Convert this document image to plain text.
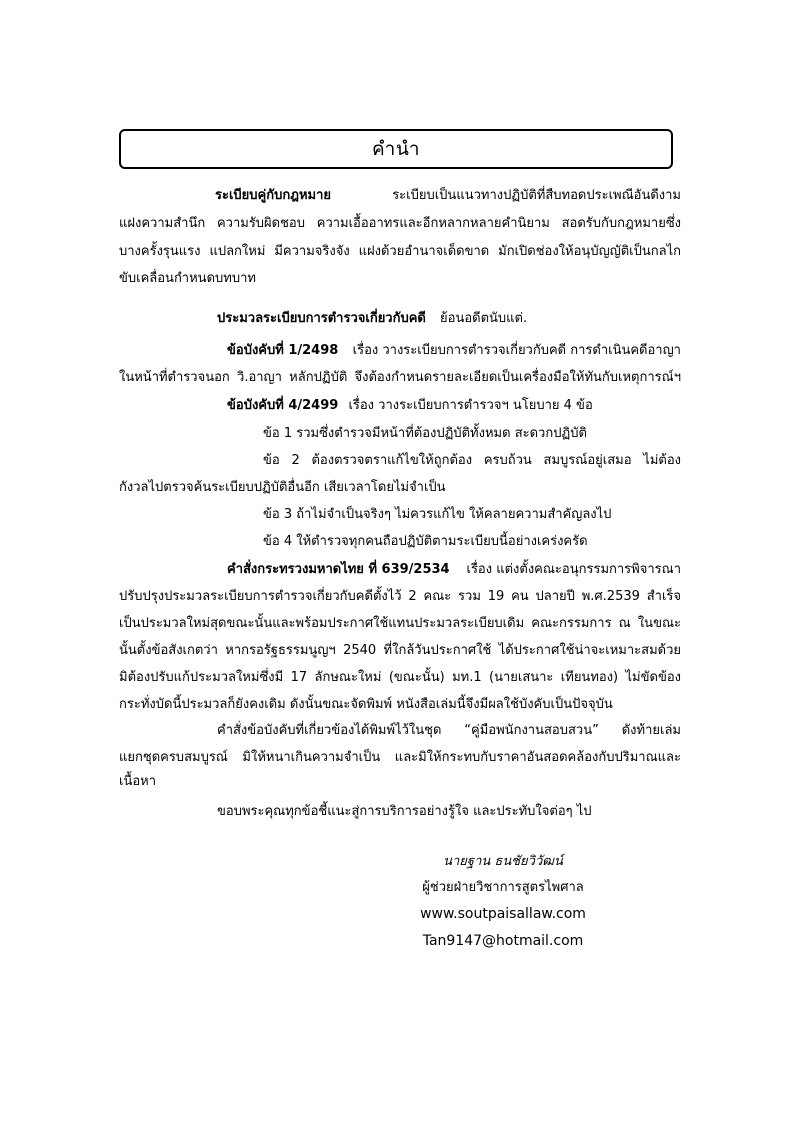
คำนำ
ระเบียบคู่กับกฎหมาย	ระเบียบเป็นแนวทางปฏิบัติที่สืบทอดประเพณีอันดีงาม
แฝงความสำนึก ความรับผิดชอบ ความเอื้ออาทรและอีกหลากหลายคำนิยาม สอดรับกับกฎหมายซึ่ง
บางครั้งรุนแรง แปลกใหม่ มีความจริงจัง แฝงด้วยอำนาจเด็ดขาด มักเปิดช่องให้อนุบัญญัติเป็นกลไก
ขับเคลื่อนกำหนดบทบาท
ประมวลระเบียบการตำรวจเกี่ยวกับคดี ย้อนอดีตนับแต่.
ข้อบังคับที่ 1/2498 เรื่อง วางระเบียบการตำรวจเกี่ยวกับคดี การดำเนินคดีอาญา
ในหน้าที่ตำรวจนอก วิ.อาญา หลักปฏิบัติ จึงต้องกำหนดรายละเอียดเป็นเครื่องมือให้ทันกับเหตุการณ์ฯ
ข้อบังคับที่ 4/2499 เรื่อง วางระเบียบการตำรวจฯ นโยบาย 4 ข้อ
ข้อ 1 รวมซึ่งตำรวจมีหน้าที่ต้องปฏิบัติทั้งหมด สะดวกปฏิบัติ
ข้อ 2 ต้องตรวจตราแก้ไขให้ถูกต้อง ครบถ้วน สมบูรณ์อยู่เสมอ ไม่ต้อง
กังวลไปตรวจค้นระเบียบปฏิบัติอื่นอีก เสียเวลาโดยไม่จำเป็น
ข้อ 3 ถ้าไม่จำเป็นจริงๆ ไม่ควรแก้ไข ให้คลายความสำคัญลงไป
ข้อ 4 ให้ตำรวจทุกคนถือปฏิบัติตามระเบียบนี้อย่างเคร่งครัด
คำสั่งกระทรวงมหาดไทย ที่ 639/2534 เรื่อง แต่งตั้งคณะอนุกรรมการพิจารณา
ปรับปรุงประมวลระเบียบการตำรวจเกี่ยวกับคดีตั้งไว้ 2 คณะ รวม 19 คน ปลายปี พ.ศ.2539 สำเร็จ
เป็นประมวลใหม่สุดขณะนั้นและพร้อมประกาศใช้แทนประมวลระเบียบเดิม คณะกรรมการ ณ ในขณะ
นั้นตั้งข้อสังเกตว่า หากรอรัฐธรรมนูญฯ 2540 ที่ใกล้วันประกาศใช้ ได้ประกาศใช้น่าจะเหมาะสมด้วย
มิต้องปรับแก้ประมวลใหม่ซึ่งมี 17 ลักษณะใหม่ (ขณะนั้น) มท.1 (นายเสนาะ เทียนทอง) ไม่ขัดข้อง
กระทั่งบัดนี้ประมวลก็ยังคงเดิม ดังนั้นขณะจัดพิมพ์ หนังสือเล่มนี้จึงมีผลใช้บังคับเป็นปัจจุบัน
คำสั่งข้อบังคับที่เกี่ยวข้องได้พิมพ์ไว้ในชุด “คู่มือพนักงานสอบสวน” ดังท้ายเล่ม
แยกชุดครบสมบูรณ์ มิให้หนาเกินความจำเป็น และมิให้กระทบกับราคาอันสอดคล้องกับปริมาณและ
เนื้อหา
ขอบพระคุณทุกข้อชี้แนะสู่การบริการอย่างรู้ใจ และประทับใจต่อๆ ไป
นายฐาน ธนชัยวิวัฒน์
ผู้ช่วยฝ่ายวิชาการสูตรไพศาล
www.soutpaisallaw.com
Tan9147@hotmail.com
